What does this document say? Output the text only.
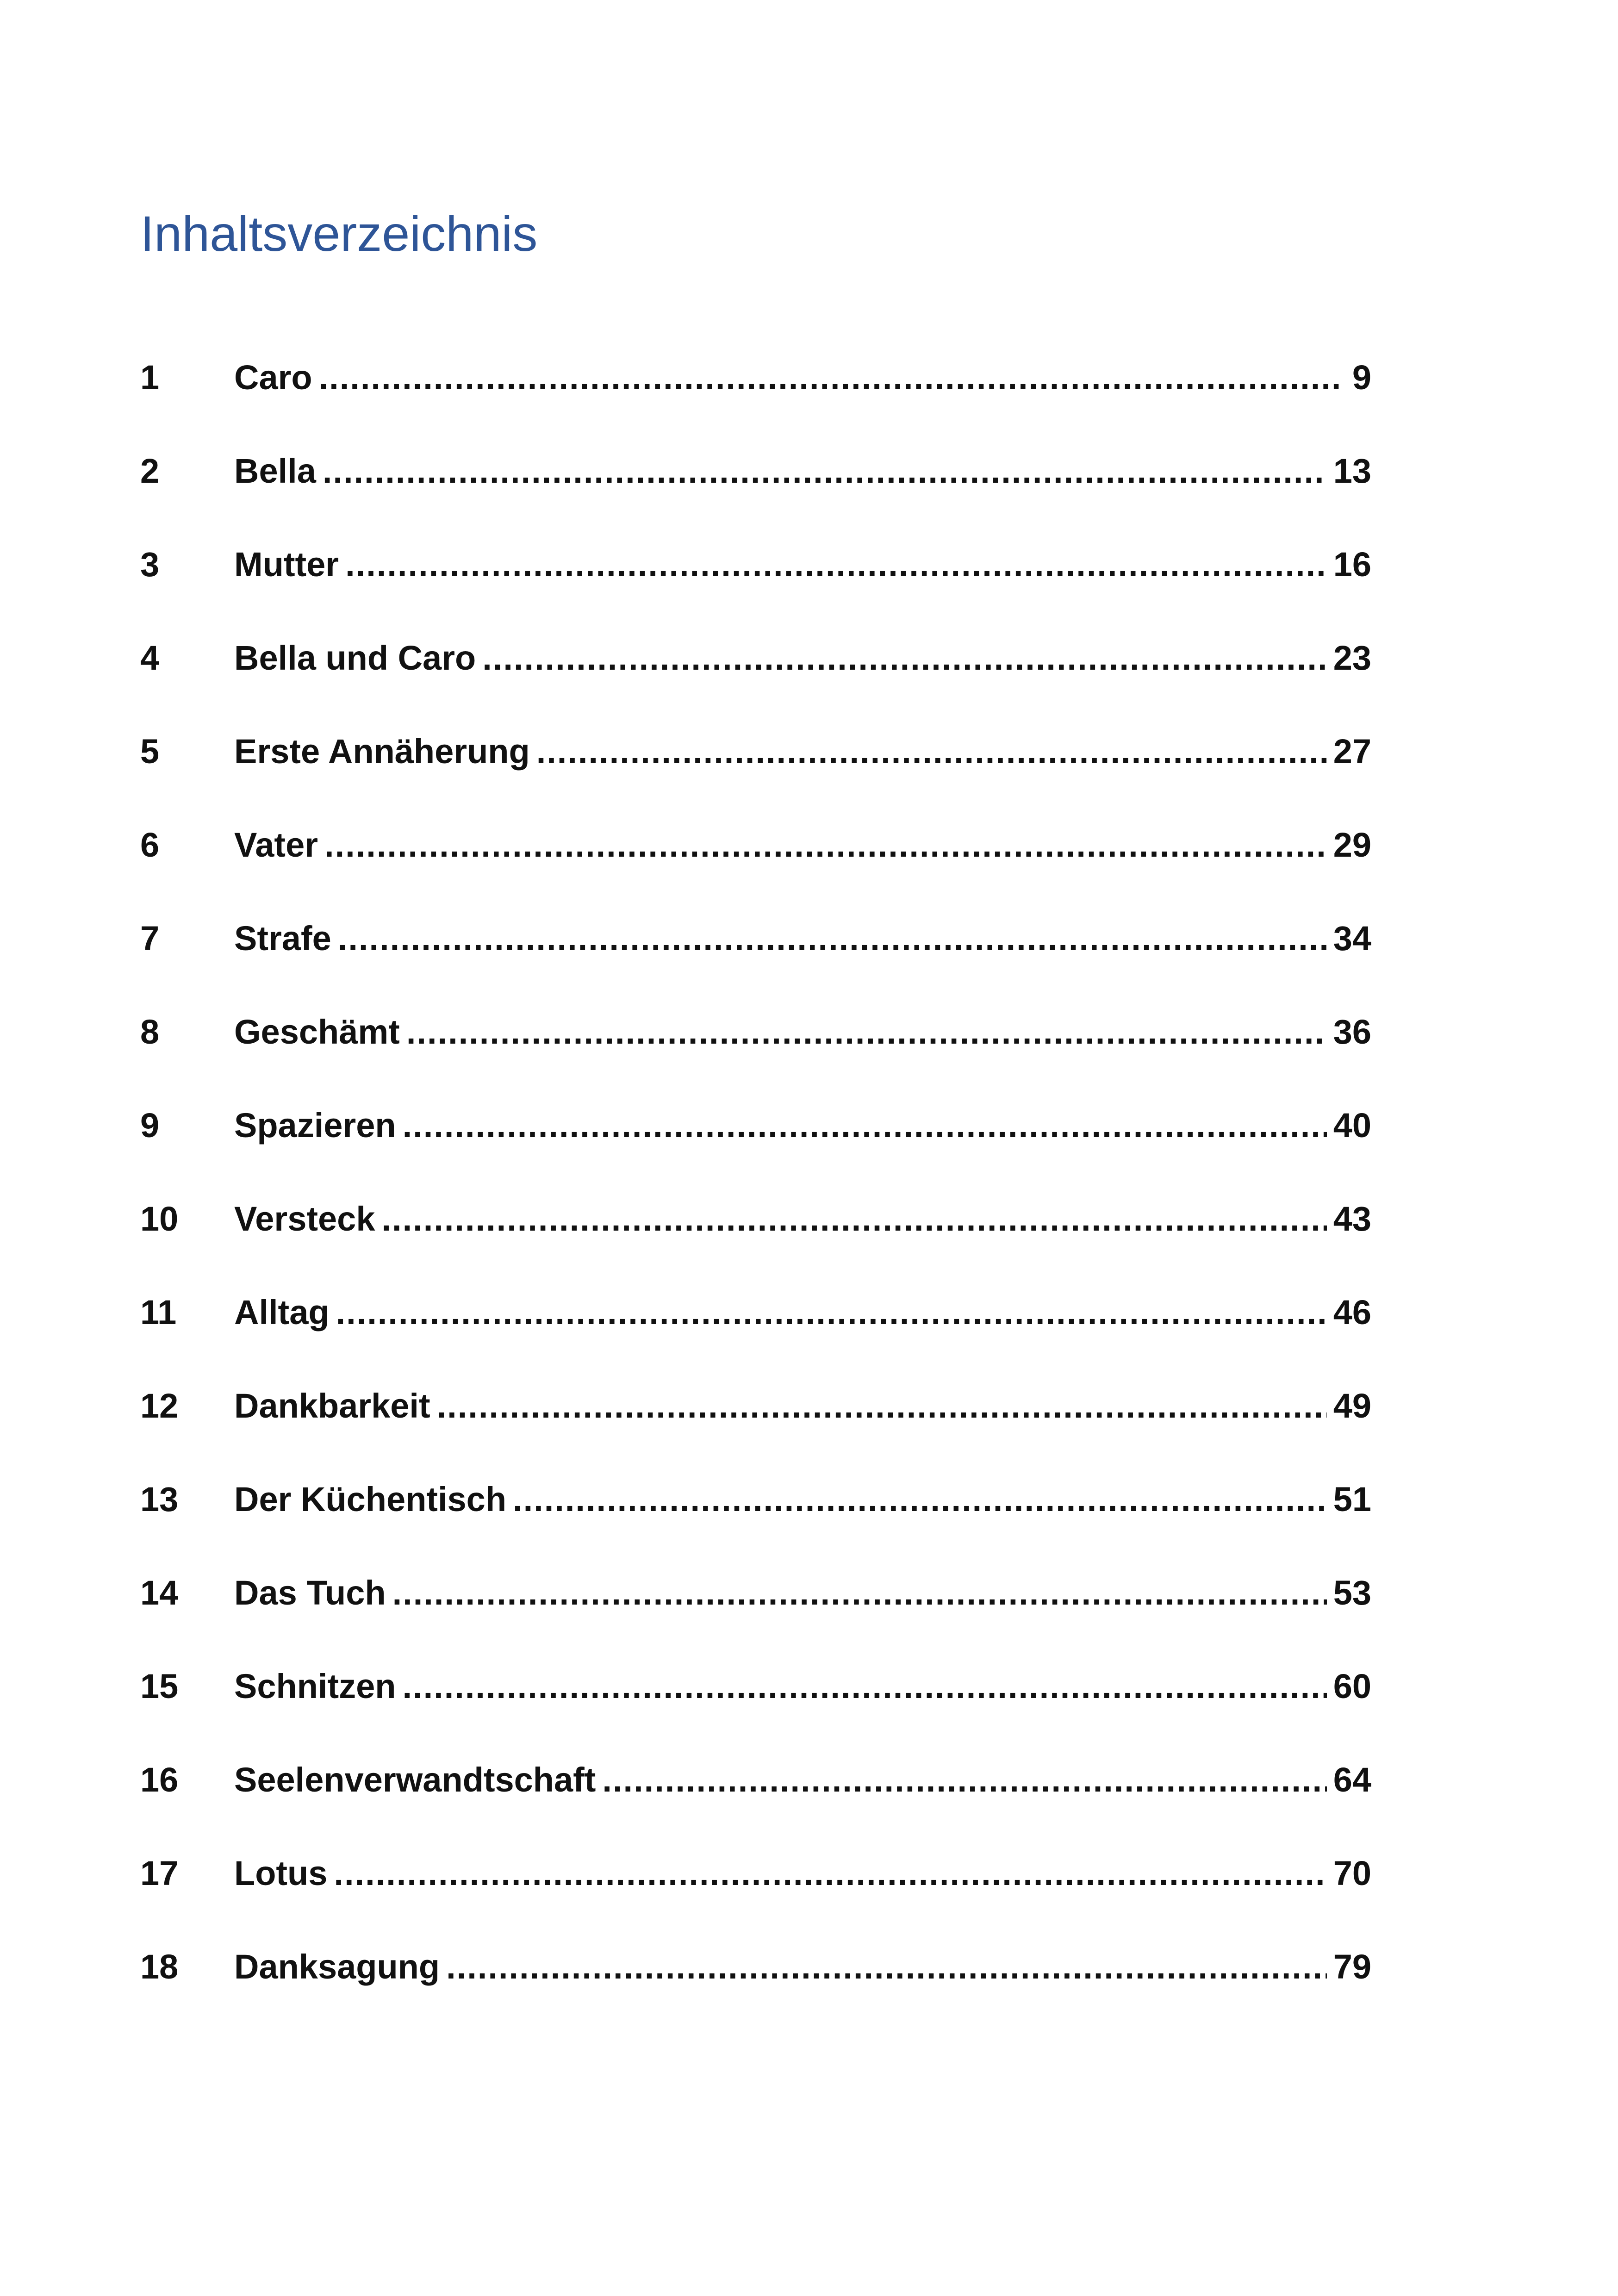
Inhaltsverzeichnis
1	Caro .....	9
2	Bella .....	13
3	Mutter .....	16
4	Bella und Caro .....	23
5	Erste Annäherung .....	27
6	Vater .....	29
7	Strafe .....	34
8	Geschämt .....	36
9	Spazieren .....	40
10	Versteck .....	43
11	Alltag .....	46
12	Dankbarkeit .....	49
13	Der Küchentisch .....	51
14	Das Tuch .....	53
15	Schnitzen .....	60
16	Seelenverwandtschaft .....	64
17	Lotus .....	70
18	Danksagung .....	79
